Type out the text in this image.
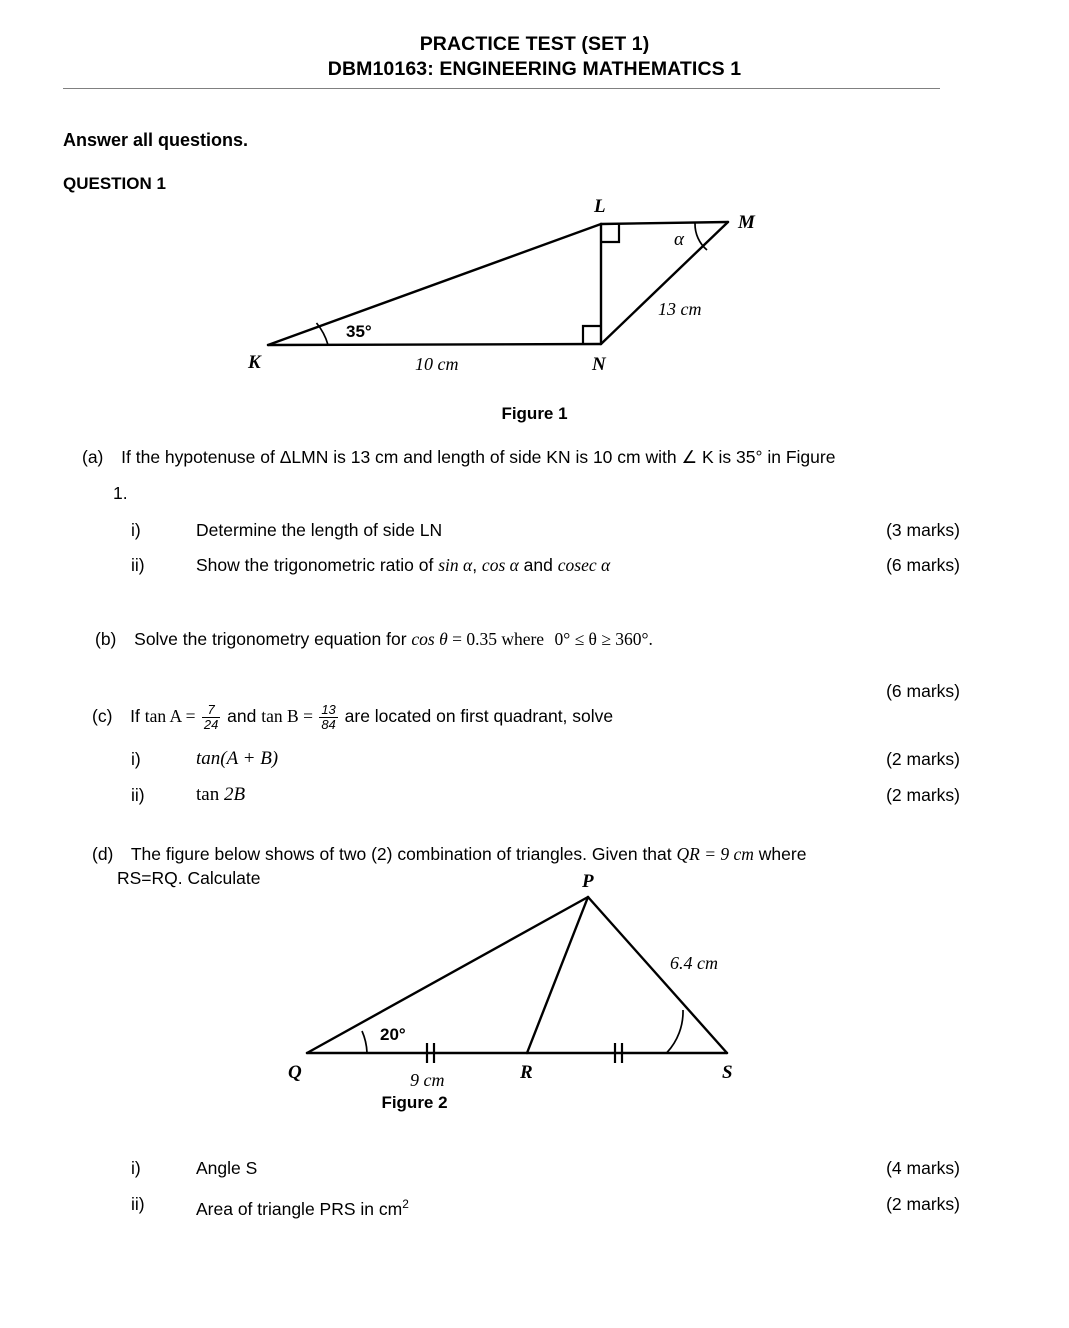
PRACTICE TEST (SET 1)
DBM10163: ENGINEERING MATHEMATICS 1
Answer all questions.
QUESTION 1
K
L
M
N
10 cm
13 cm
35°
α
Figure 1
(a) If the hypotenuse of ΔLMN is 13 cm and length of side KN is 10 cm with ∠ K is 35° in Figure
1.
i)	Determine the length of side LN	(3 marks)
ii)	Show the trigonometric ratio of sin α, cos α and cosec α	(6 marks)
(b) Solve the trigonometry equation for cos θ = 0.35 where 0° ≤ θ ≥ 360°.
(6 marks)
(c) If $\tan A = \frac{7}{24}$ and $\tan B = \frac{13}{84}$ are located on first quadrant, solve
i)	tan(A + B)	(2 marks)
ii)	tan 2B	(2 marks)
(d) The figure below shows of two (2) combination of triangles. Given that QR = 9 cm where
RS=RQ. Calculate
Q	R	S
P
9 cm
6.4 cm
20°
Figure 2
i)	Angle S	(4 marks)
ii)	Area of triangle PRS in $cm^2$	(2 marks)
